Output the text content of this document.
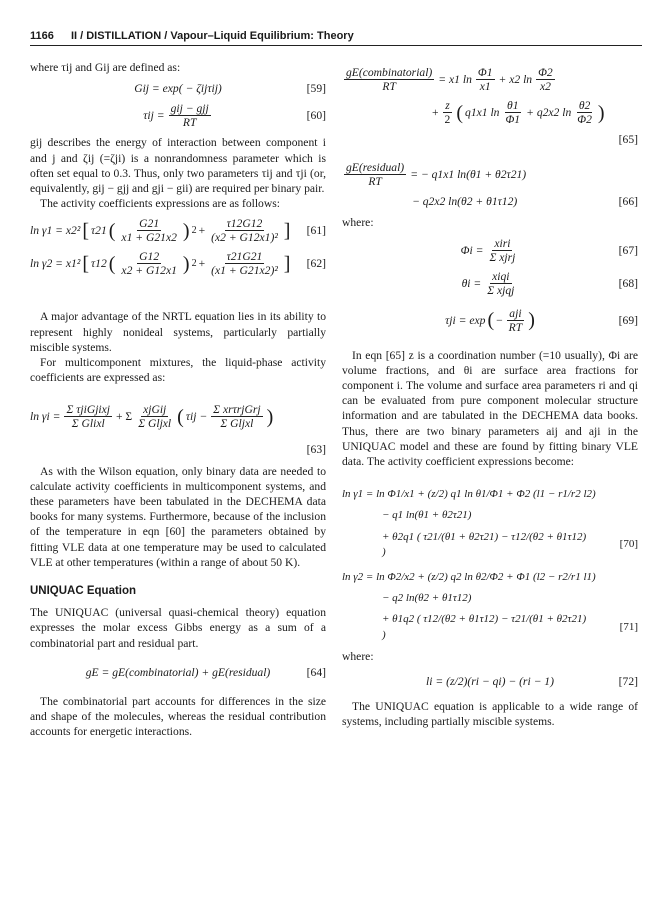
1166 II / DISTILLATION / Vapour–Liquid Equilibrium: Theory

where τij and Gij are defined as:

Gij = exp( − ζijτij)	[59]
$\tau ij = \frac{\text{gij − gjj}}{RT}$	[60]

gij describes the energy of interaction between component i and j and ζij (=ζji) is a nonrandomness parameter which is often set equal to 0.3. Thus, only two parameters τij and τji (or, equivalently, gij − gjj and gji − gii) are required per binary pair.

The activity coefficients expressions are as follows:

ln γ1 = x2² [ τ21 ( $\frac{G21}{x1 + G21x2}$ ) $2 + \frac{\tau 12G12}{\text{(x2 + G12x1)²}}$ ] [61]
ln γ2 = x1² [ τ12 ( $\frac{G12}{x2 + G12x1}$ ) $2 + \frac{\tau 21G21}{\text{(x1 + G21x2)²}}$ ] [62]

A major advantage of the NRTL equation lies in its ability to represent highly nonideal systems, particularly partially miscible systems.

For multicomponent mixtures, the liquid-phase activity coefficients are expressed as:

$\ln \gamma i = \frac{\text{Σ τjiGjixj}}{\text{Σ Glixl}} + \Sigma \frac{\text{xjGij}}{\text{Σ Gljxl}}$ ( $\tau ij - \frac{\text{Σ xrτrjGrj}}{\text{Σ Gljxl}}$ )
[63]

As with the Wilson equation, only binary data are needed to calculate activity coefficients in multicomponent systems, and these parameters have been tabulated in the DECHEMA data books for many systems. Furthermore, because of the inclusion of the temperature in eqn [60] the parameters obtained by fitting VLE data at one temperature may be used to calculated VLE at other temperatures (within a range of about 50 K).

UNIQUAC Equation

The UNIQUAC (universal quasi-chemical theory) equation expresses the molar excess Gibbs energy as a sum of a combinatorial part and residual part.

gE = gE(combinatorial) + gE(residual)	[64]

The combinatorial part accounts for differences in the size and shape of the molecules, whereas the residual contribution accounts for energetic interactions.

$\frac{\text{gE(combinatorial)}}{RT} = x1$ $\ln \frac{\Phi 1}{x1} + x2$ $\ln \frac{\Phi 2}{x2}$
+ $\frac{z}{2}$ ( q1x1 $\ln \frac{\theta 1}{\Phi 1} + q2x2$ $\ln \frac{\theta 2}{\Phi 2}$ )
[65]
$\frac{\text{gE(residual)}}{RT}$ = − q1x1 ln(θ1 + θ2τ21)
− q2x2 ln(θ2 + θ1τ12)	[66]

where:

$\Phi i = \frac{\text{xiri}}{\text{Σ xjrj}}$	[67]
$\theta i = \frac{\text{xiqi}}{\text{Σ xjqj}}$	[68]
τji = exp ( − $\frac{\text{aji}}{RT}$ )	[69]

In eqn [65] z is a coordination number (=10 usually), Φi are volume fractions, and θi are surface area fractions for component i. The volume and surface area parameters ri and qi can be evaluated from pure component molecular structure information and are tabulated in the DECHEMA data books. Thus, there are two binary parameters aij and aji in the UNIQUAC model and these are found by fitting binary VLE data. The activity coefficient expressions become:

ln γ1 = ln Φ1/x1 + (z/2) q1 ln θ1/Φ1 + Φ2 (l1 − r1/r2 l2)
− q1 ln(θ1 + θ2τ21)
+ θ2q1 ( τ21/(θ1 + θ2τ21) − τ12/(θ2 + θ1τ12) )
[70]
ln γ2 = ln Φ2/x2 + (z/2) q2 ln θ2/Φ2 + Φ1 (l2 − r2/r1 l1)
− q2 ln(θ2 + θ1τ12)
+ θ1q2 ( τ12/(θ2 + θ1τ12) − τ21/(θ1 + θ2τ21) )
[71]

where:

li = (z/2)(ri − qi) − (ri − 1)	[72]

The UNIQUAC equation is applicable to a wide range of systems, including partially miscible systems.
